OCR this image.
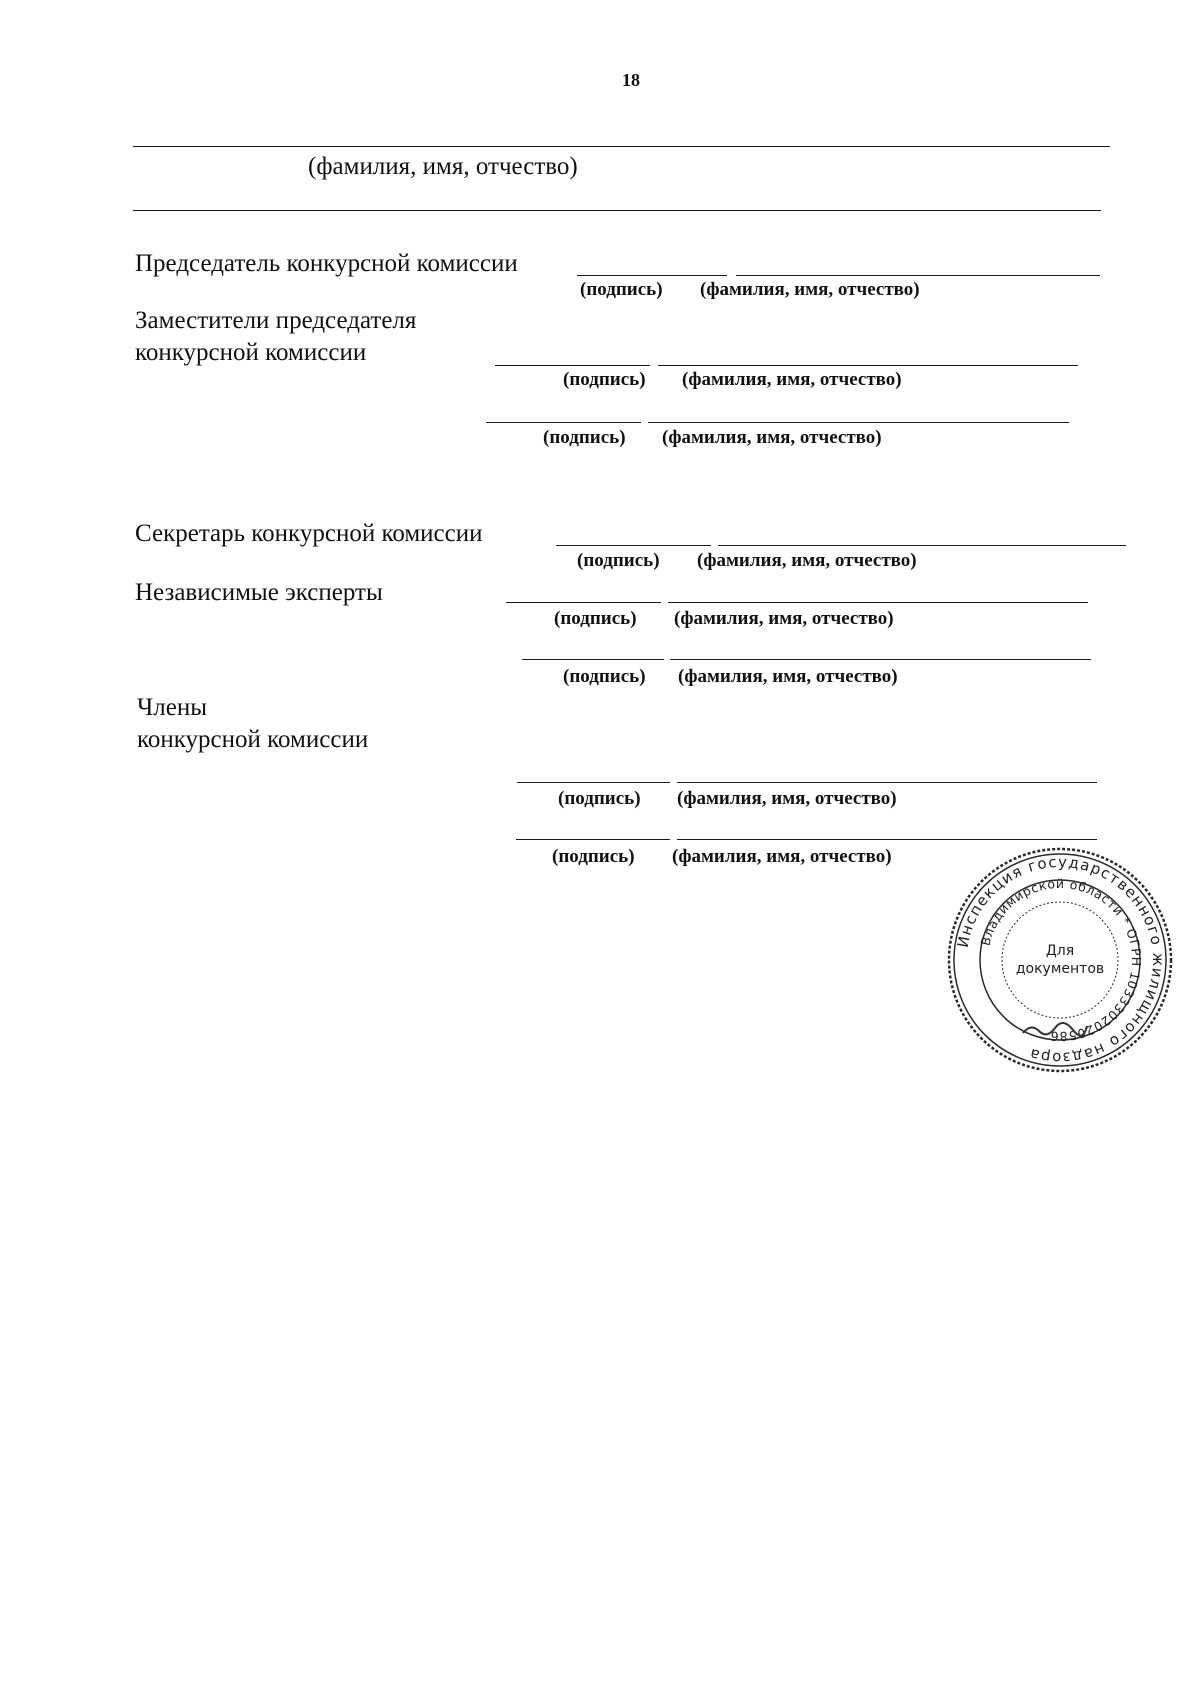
18
(фамилия, имя, отчество)
Председатель конкурсной комиссии
(подпись) (фамилия, имя, отчество)
Заместители председателя
конкурсной комиссии
(подпись) (фамилия, имя, отчество)
(подпись) (фамилия, имя, отчество)
Секретарь конкурсной комиссии
(подпись) (фамилия, имя, отчество)
Независимые эксперты
(подпись) (фамилия, имя, отчество)
(подпись) (фамилия, имя, отчество)
Члены
конкурсной комиссии
(подпись) (фамилия, имя, отчество)
(подпись) (фамилия, имя, отчество)
Инспекция государственного жилищного надзора
Владимирской области * ОГРН 1033302020586
Для
документов
